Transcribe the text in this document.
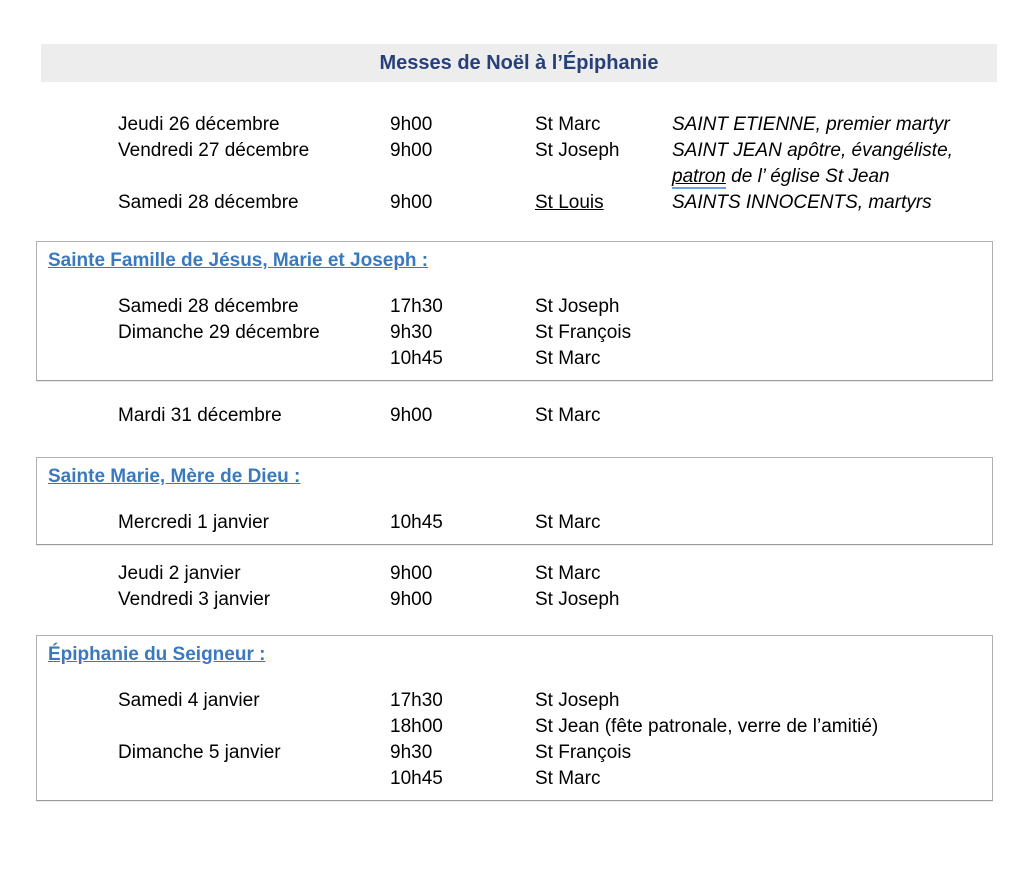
Messes de Noël à l’Épiphanie
Jeudi 26 décembre	9h00	St Marc	SAINT ETIENNE, premier martyr
Vendredi 27 décembre	9h00	St Joseph	SAINT JEAN apôtre, évangéliste,
patron de l’ église St Jean
Samedi 28 décembre	9h00	St Louis	SAINTS INNOCENTS, martyrs
Sainte Famille de Jésus, Marie et Joseph :
Samedi 28 décembre	17h30	St Joseph
Dimanche 29 décembre	9h30	St François
10h45	St Marc
Mardi 31 décembre	9h00	St Marc
Sainte Marie, Mère de Dieu :
Mercredi 1 janvier	10h45	St Marc
Jeudi 2 janvier	9h00	St Marc
Vendredi 3 janvier	9h00	St Joseph
Épiphanie du Seigneur :
Samedi 4 janvier	17h30	St Joseph
18h00	St Jean (fête patronale, verre de l’amitié)
Dimanche 5 janvier	9h30	St François
10h45	St Marc
